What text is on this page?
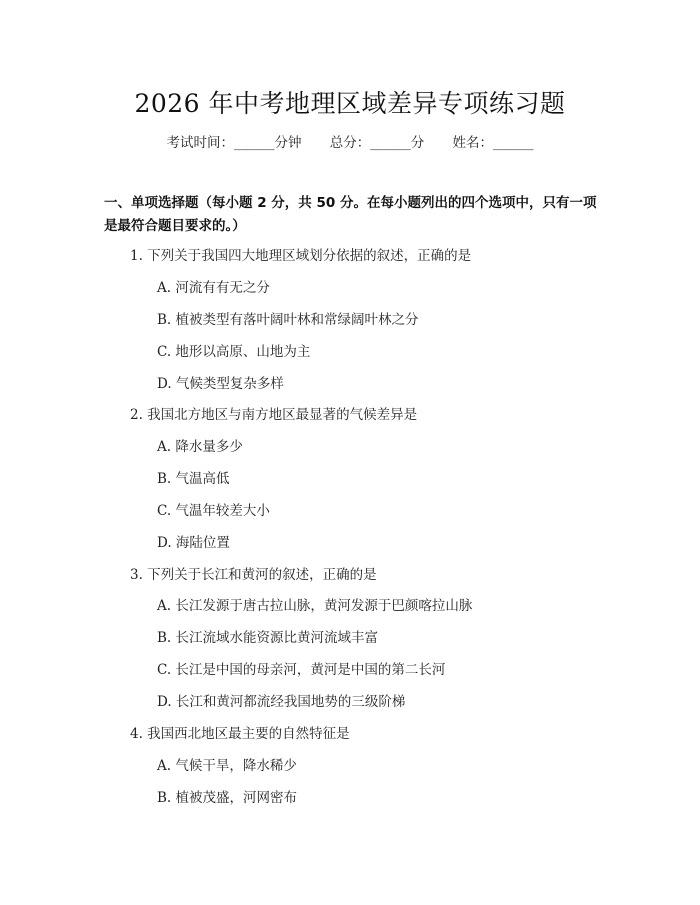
2026 年中考地理区域差异专项练习题
考试时间：______分钟 总分：______分 姓名：______
一、单项选择题（每小题 2 分，共 50 分。在每小题列出的四个选项中，只有一项是最符合题目要求的。）
1. 下列关于我国四大地理区域划分依据的叙述，正确的是
A. 河流有有无之分
B. 植被类型有落叶阔叶林和常绿阔叶林之分
C. 地形以高原、山地为主
D. 气候类型复杂多样
2. 我国北方地区与南方地区最显著的气候差异是
A. 降水量多少
B. 气温高低
C. 气温年较差大小
D. 海陆位置
3. 下列关于长江和黄河的叙述，正确的是
A. 长江发源于唐古拉山脉，黄河发源于巴颜喀拉山脉
B. 长江流域水能资源比黄河流域丰富
C. 长江是中国的母亲河，黄河是中国的第二长河
D. 长江和黄河都流经我国地势的三级阶梯
4. 我国西北地区最主要的自然特征是
A. 气候干旱，降水稀少
B. 植被茂盛，河网密布
